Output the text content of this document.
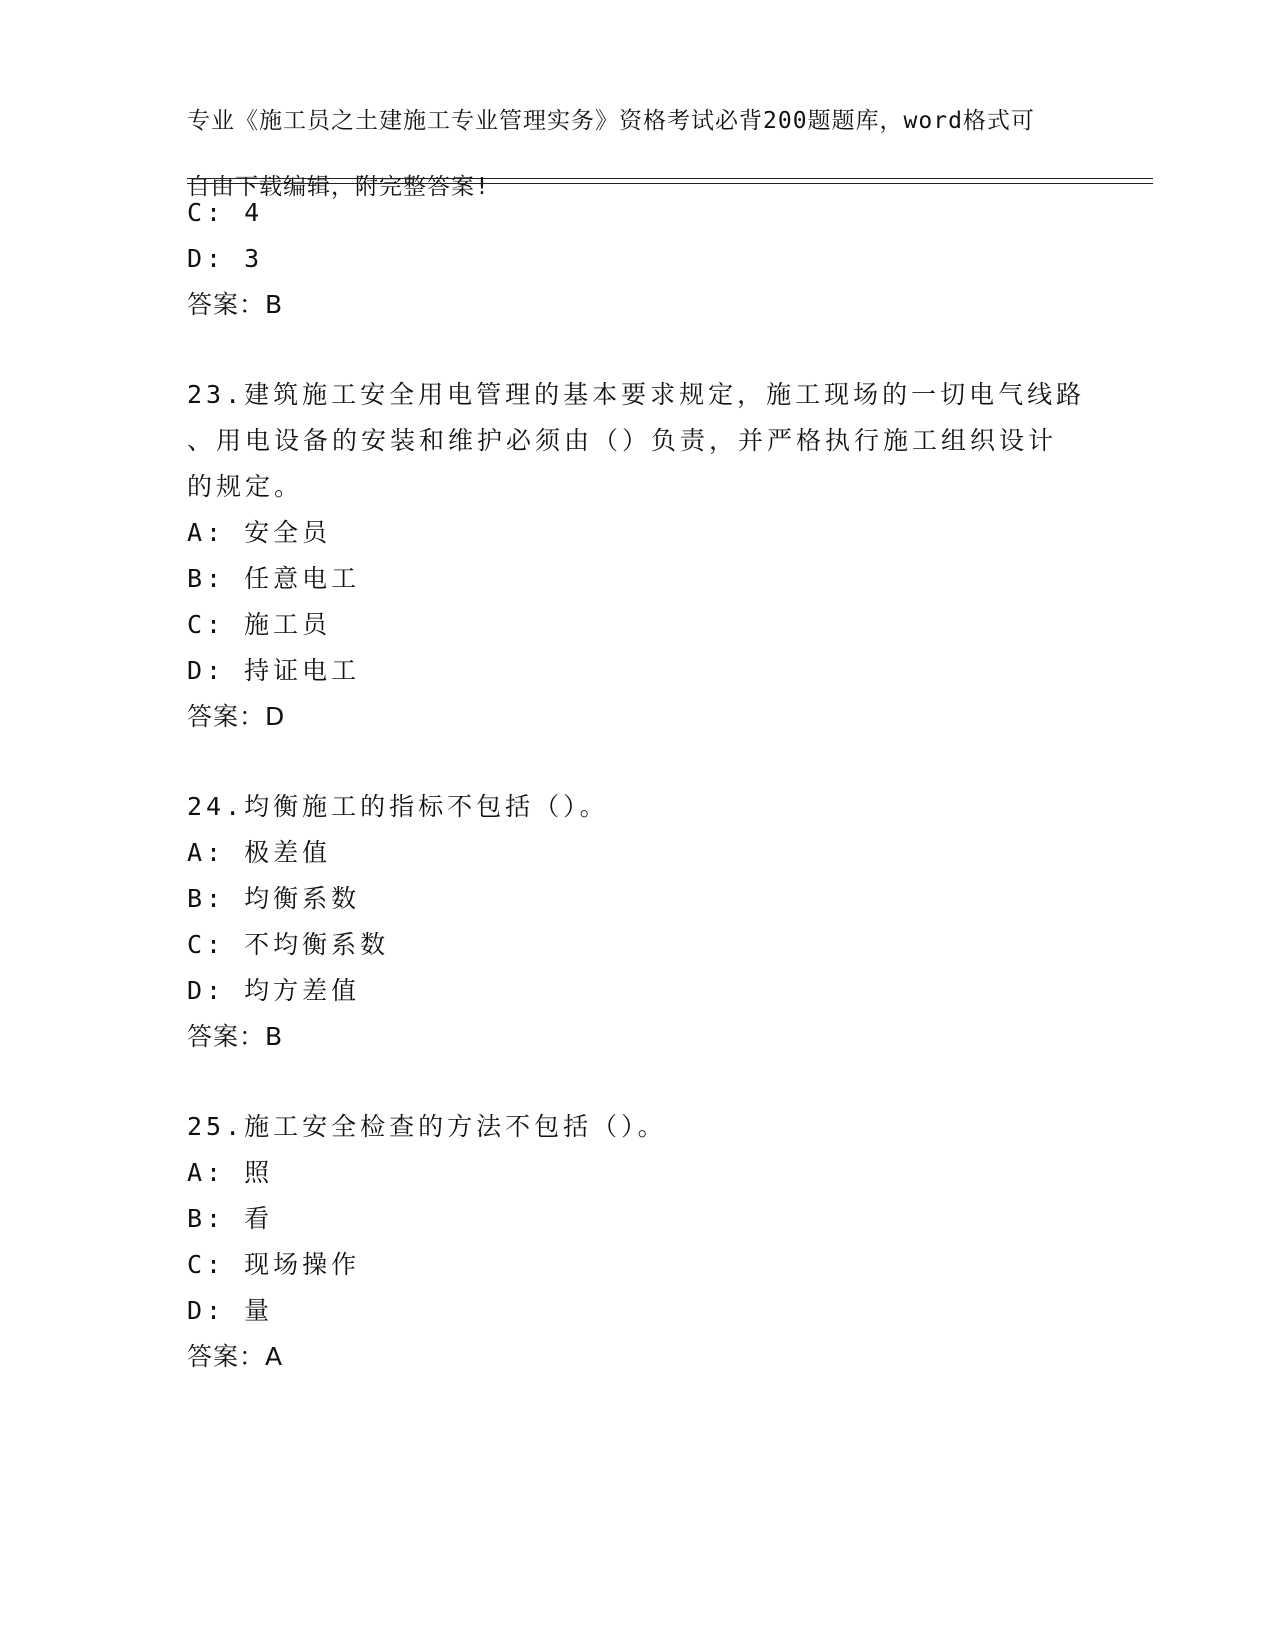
专业《施工员之土建施工专业管理实务》资格考试必背200题题库，word格式可

自由下载编辑，附完整答案!

C: 4
D: 3
答案：B
23.建筑施工安全用电管理的基本要求规定，施工现场的一切电气线路
、用电设备的安装和维护必须由（）负责，并严格执行施工组织设计
的规定。
A: 安全员
B: 任意电工
C: 施工员
D: 持证电工
答案：D
24.均衡施工的指标不包括（）。
A: 极差值
B: 均衡系数
C: 不均衡系数
D: 均方差值
答案：B
25.施工安全检查的方法不包括（）。
A: 照
B: 看
C: 现场操作
D: 量
答案：A
